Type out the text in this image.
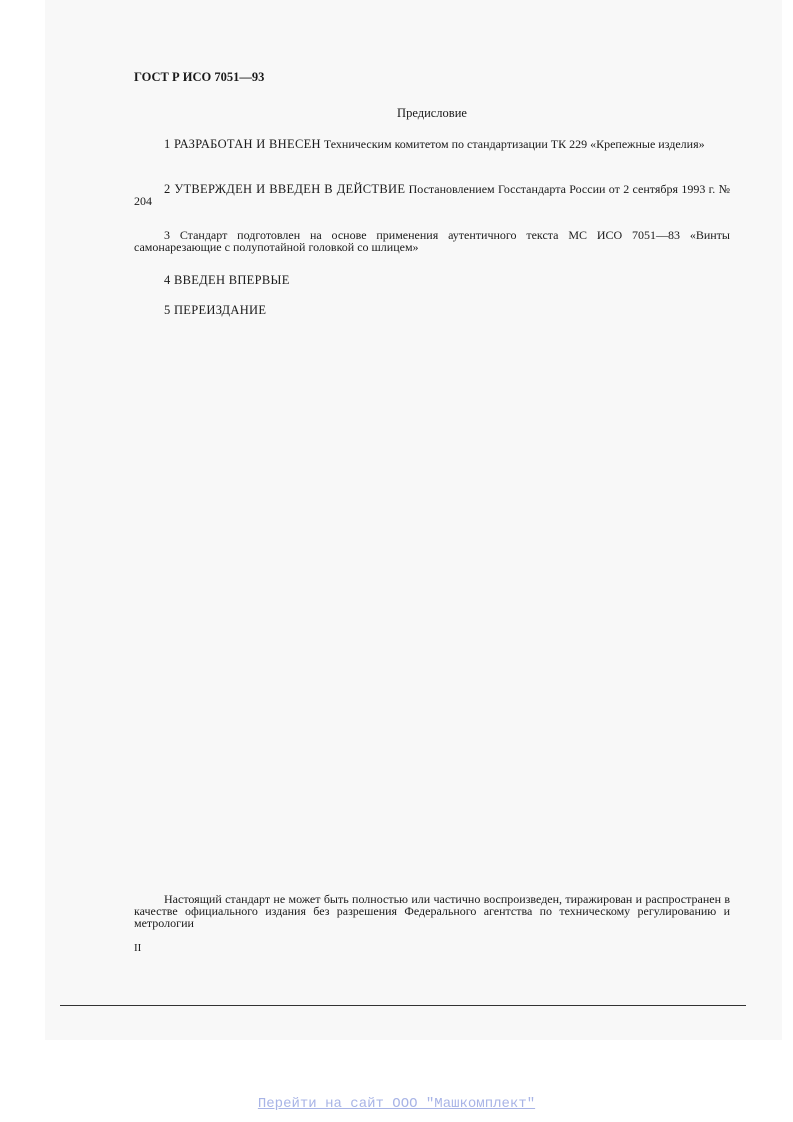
ГОСТ Р ИСО 7051—93
Предисловие
1 РАЗРАБОТАН И ВНЕСЕН Техническим комитетом по стандартизации ТК 229 «Крепежные изделия»
2 УТВЕРЖДЕН И ВВЕДЕН В ДЕЙСТВИЕ Постановлением Госстандарта России от 2 сентября 1993 г. № 204
3 Стандарт подготовлен на основе применения аутентичного текста МС ИСО 7051—83 «Винты самонарезающие с полупотайной головкой со шлицем»
4 ВВЕДЕН ВПЕРВЫЕ
5 ПЕРЕИЗДАНИЕ
Настоящий стандарт не может быть полностью или частично воспроизведен, тиражирован и распространен в качестве официального издания без разрешения Федерального агентства по техническому регулированию и метрологии
II
Перейти на сайт ООО "Машкомплект"
